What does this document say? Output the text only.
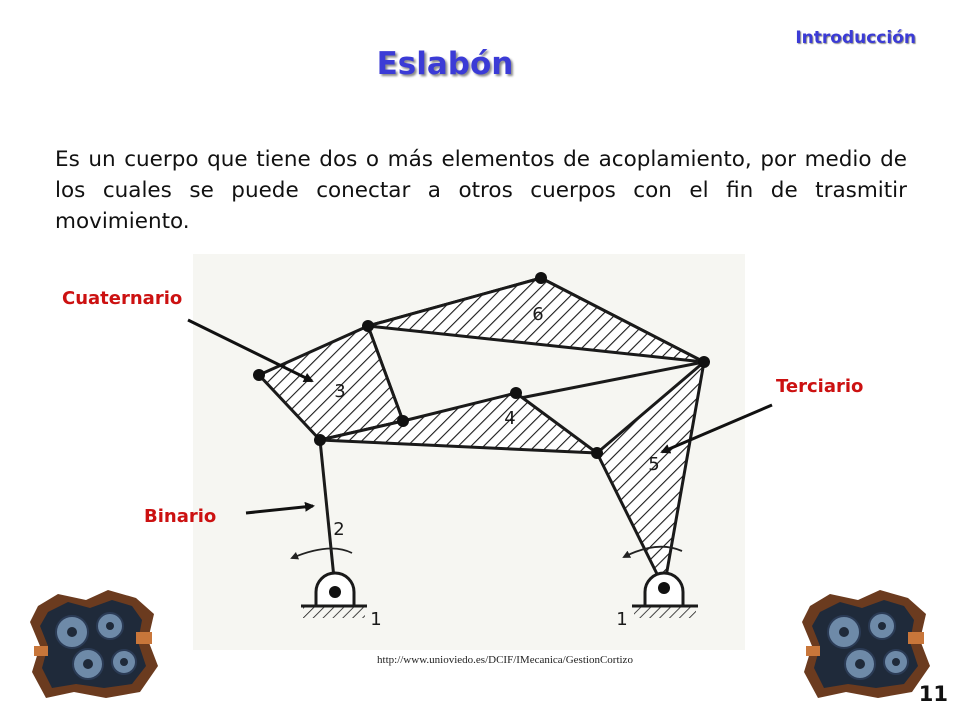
Introducción
Eslabón

Es un cuerpo que tiene dos o más elementos de acoplamiento, por medio de los cuales se puede conectar a otros cuerpos con el fin de trasmitir movimiento.

1	1
2
3
4
5
6
Cuaternario
Terciario
Binario
http://www.unioviedo.es/DCIF/IMecanica/GestionCortizo
11
